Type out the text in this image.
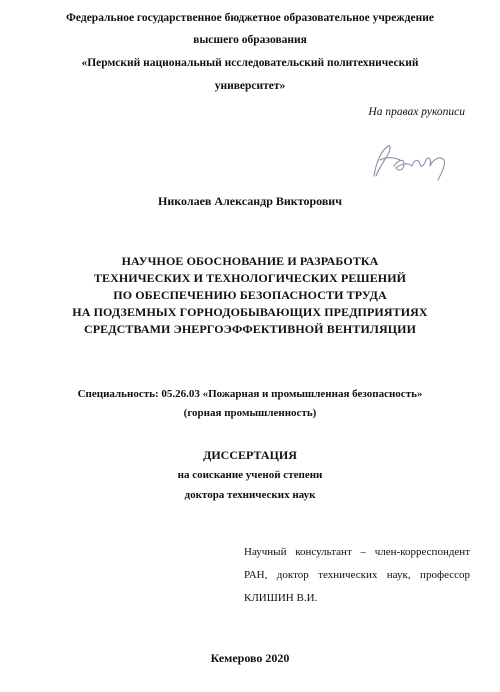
Федеральное государственное бюджетное образовательное учреждение
высшего образования
«Пермский национальный исследовательский политехнический
университет»
На правах рукописи
Николаев Александр Викторович
НАУЧНОЕ ОБОСНОВАНИЕ И РАЗРАБОТКА
ТЕХНИЧЕСКИХ И ТЕХНОЛОГИЧЕСКИХ РЕШЕНИЙ
ПО ОБЕСПЕЧЕНИЮ БЕЗОПАСНОСТИ ТРУДА
НА ПОДЗЕМНЫХ ГОРНОДОБЫВАЮЩИХ ПРЕДПРИЯТИЯХ
СРЕДСТВАМИ ЭНЕРГОЭФФЕКТИВНОЙ ВЕНТИЛЯЦИИ
Специальность: 05.26.03 «Пожарная и промышленная безопасность»
(горная промышленность)
ДИССЕРТАЦИЯ
на соискание ученой степени
доктора технических наук
Научный консультант – член-корреспондент РАН, доктор технических наук, профессор КЛИШИН В.И.
Кемерово 2020
